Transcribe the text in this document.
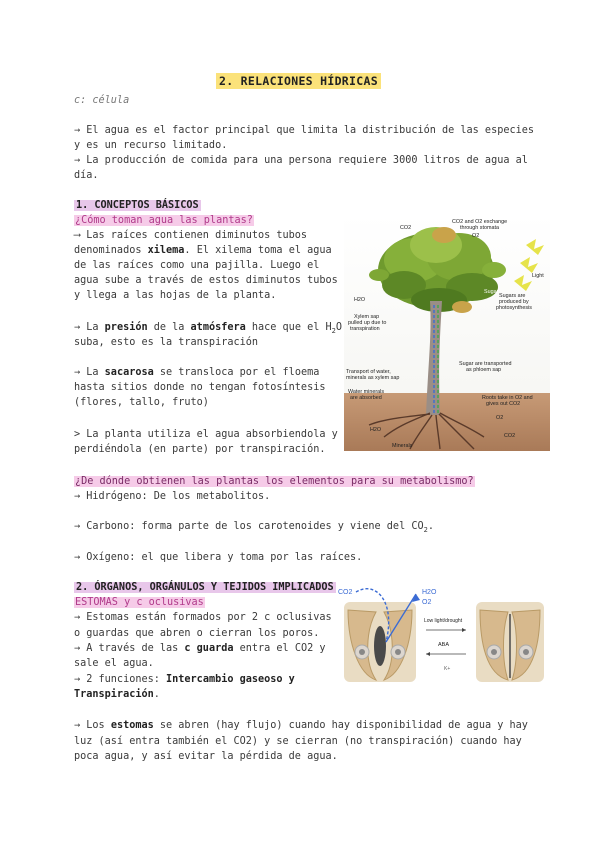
2. RELACIONES HÍDRICAS
c: célula
→ El agua es el factor principal que limita la distribución de las especies
y es un recurso limitado.
→ La producción de comida para una persona requiere 3000 litros de agua al
día.
1. CONCEPTOS BÁSICOS
¿Cómo toman agua las plantas?
⟶ Las raíces contienen diminutos tubos
denominados xilema. El xilema toma el agua
de las raíces como una pajilla. Luego el
agua sube a través de estos diminutos tubos
y llega a las hojas de la planta.
→ La presión de la atmósfera hace que el $H_2O$
suba, esto es la transpiración
→ La sacarosa se transloca por el floema
hasta sitios donde no tengan fotosíntesis
(flores, tallo, fruto)
> La planta utiliza el agua absorbiendola y
perdiéndola (en parte) por transpiración.
¿De dónde obtienen las plantas los elementos para su metabolismo?
→ Hidrógeno: De los metabolitos.
→ Carbono: forma parte de los carotenoides y viene del $CO_2$.
→ Oxígeno: el que libera y toma por las raíces.
CO2 and O2 exchange
through stomata
CO2
O2
Light
Sugar
Sugars are
produced by
photosynthesis
H2O
Xylem sap
pulled up due to
transpiration
Sugar are transported
as phloem sap
Transport of water,
minerals as xylem sap
Water minerals
are absorbed	Roots take in O2 and
gives out CO2
O2
H2O
CO2
Minerals
2. ÓRGANOS, ORGÁNULOS Y TEJIDOS IMPLICADOS
ESTOMAS y c oclusivas
→ Estomas están formados por 2 c oclusivas
o guardas que abren o cierran los poros.
→ A través de las c guarda entra el CO2 y
sale el agua.
→ 2 funciones: Intercambio gaseoso y
Transpiración.
→ Los estomas se abren (hay flujo) cuando hay disponibilidad de agua y hay
luz (así entra también el CO2) y se cierran (no transpiración) cuando hay
poca agua, y así evitar la pérdida de agua.
CO2	H2O
O2
Low light/drought
ABA
K+
